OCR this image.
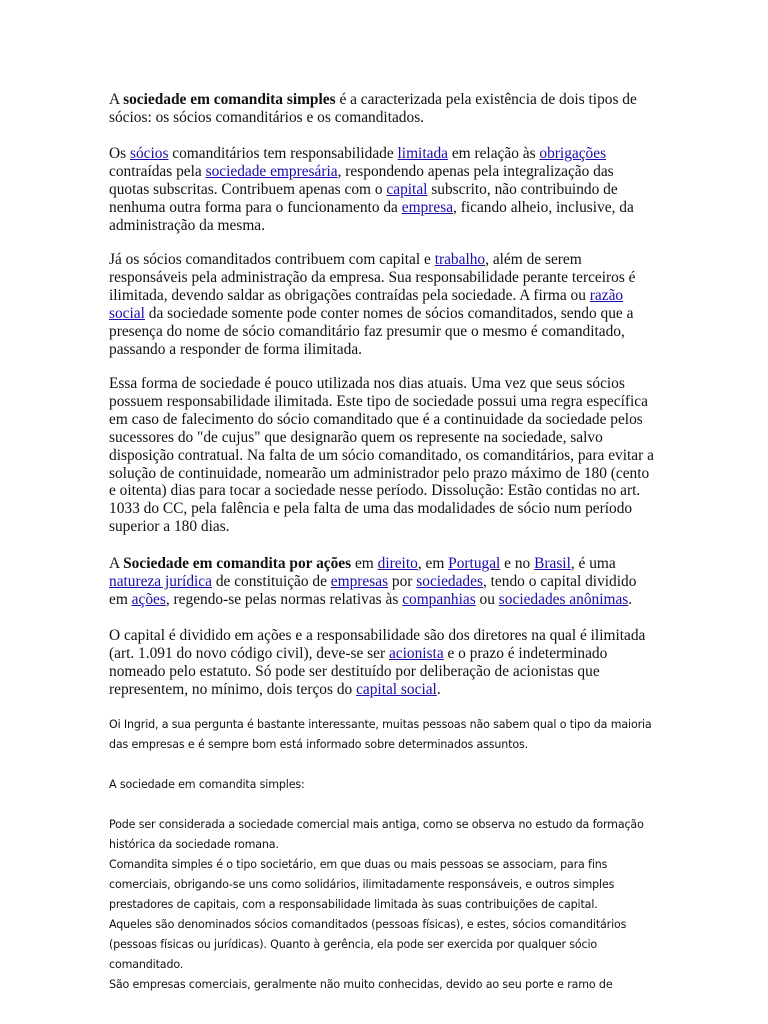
A sociedade em comandita simples é a caracterizada pela existência de dois tipos de sócios: os sócios comanditários e os comanditados.

Os sócios comanditários tem responsabilidade limitada em relação às obrigações contraídas pela sociedade empresária, respondendo apenas pela integralização das quotas subscritas. Contribuem apenas com o capital subscrito, não contribuindo de nenhuma outra forma para o funcionamento da empresa, ficando alheio, inclusive, da administração da mesma.

Já os sócios comanditados contribuem com capital e trabalho, além de serem responsáveis pela administração da empresa. Sua responsabilidade perante terceiros é ilimitada, devendo saldar as obrigações contraídas pela sociedade. A firma ou razão social da sociedade somente pode conter nomes de sócios comanditados, sendo que a presença do nome de sócio comanditário faz presumir que o mesmo é comanditado, passando a responder de forma ilimitada.

Essa forma de sociedade é pouco utilizada nos dias atuais. Uma vez que seus sócios possuem responsabilidade ilimitada. Este tipo de sociedade possui uma regra específica em caso de falecimento do sócio comanditado que é a continuidade da sociedade pelos sucessores do "de cujus" que designarão quem os represente na sociedade, salvo disposição contratual. Na falta de um sócio comanditado, os comanditários, para evitar a solução de continuidade, nomearão um administrador pelo prazo máximo de 180 (cento e oitenta) dias para tocar a sociedade nesse período. Dissolução: Estão contidas no art. 1033 do CC, pela falência e pela falta de uma das modalidades de sócio num período superior a 180 dias.

A Sociedade em comandita por ações em direito, em Portugal e no Brasil, é uma natureza jurídica de constituição de empresas por sociedades, tendo o capital dividido em ações, regendo-se pelas normas relativas às companhias ou sociedades anônimas.

O capital é dividido em ações e a responsabilidade são dos diretores na qual é ilimitada (art. 1.091 do novo código civil), deve-se ser acionista e o prazo é indeterminado nomeado pelo estatuto. Só pode ser destituído por deliberação de acionistas que representem, no mínimo, dois terços do capital social.

Oi Ingrid, a sua pergunta é bastante interessante, muitas pessoas não sabem qual o tipo da maioria das empresas e é sempre bom está informado sobre determinados assuntos.

A sociedade em comandita simples:

Pode ser considerada a sociedade comercial mais antiga, como se observa no estudo da formação histórica da sociedade romana.
Comandita simples é o tipo societário, em que duas ou mais pessoas se associam, para fins comerciais, obrigando-se uns como solidários, ilimitadamente responsáveis, e outros simples prestadores de capitais, com a responsabilidade limitada às suas contribuições de capital.
Aqueles são denominados sócios comanditados (pessoas físicas), e estes, sócios comanditários (pessoas físicas ou jurídicas). Quanto à gerência, ela pode ser exercida por qualquer sócio comanditado.
São empresas comerciais, geralmente não muito conhecidas, devido ao seu porte e ramo de
